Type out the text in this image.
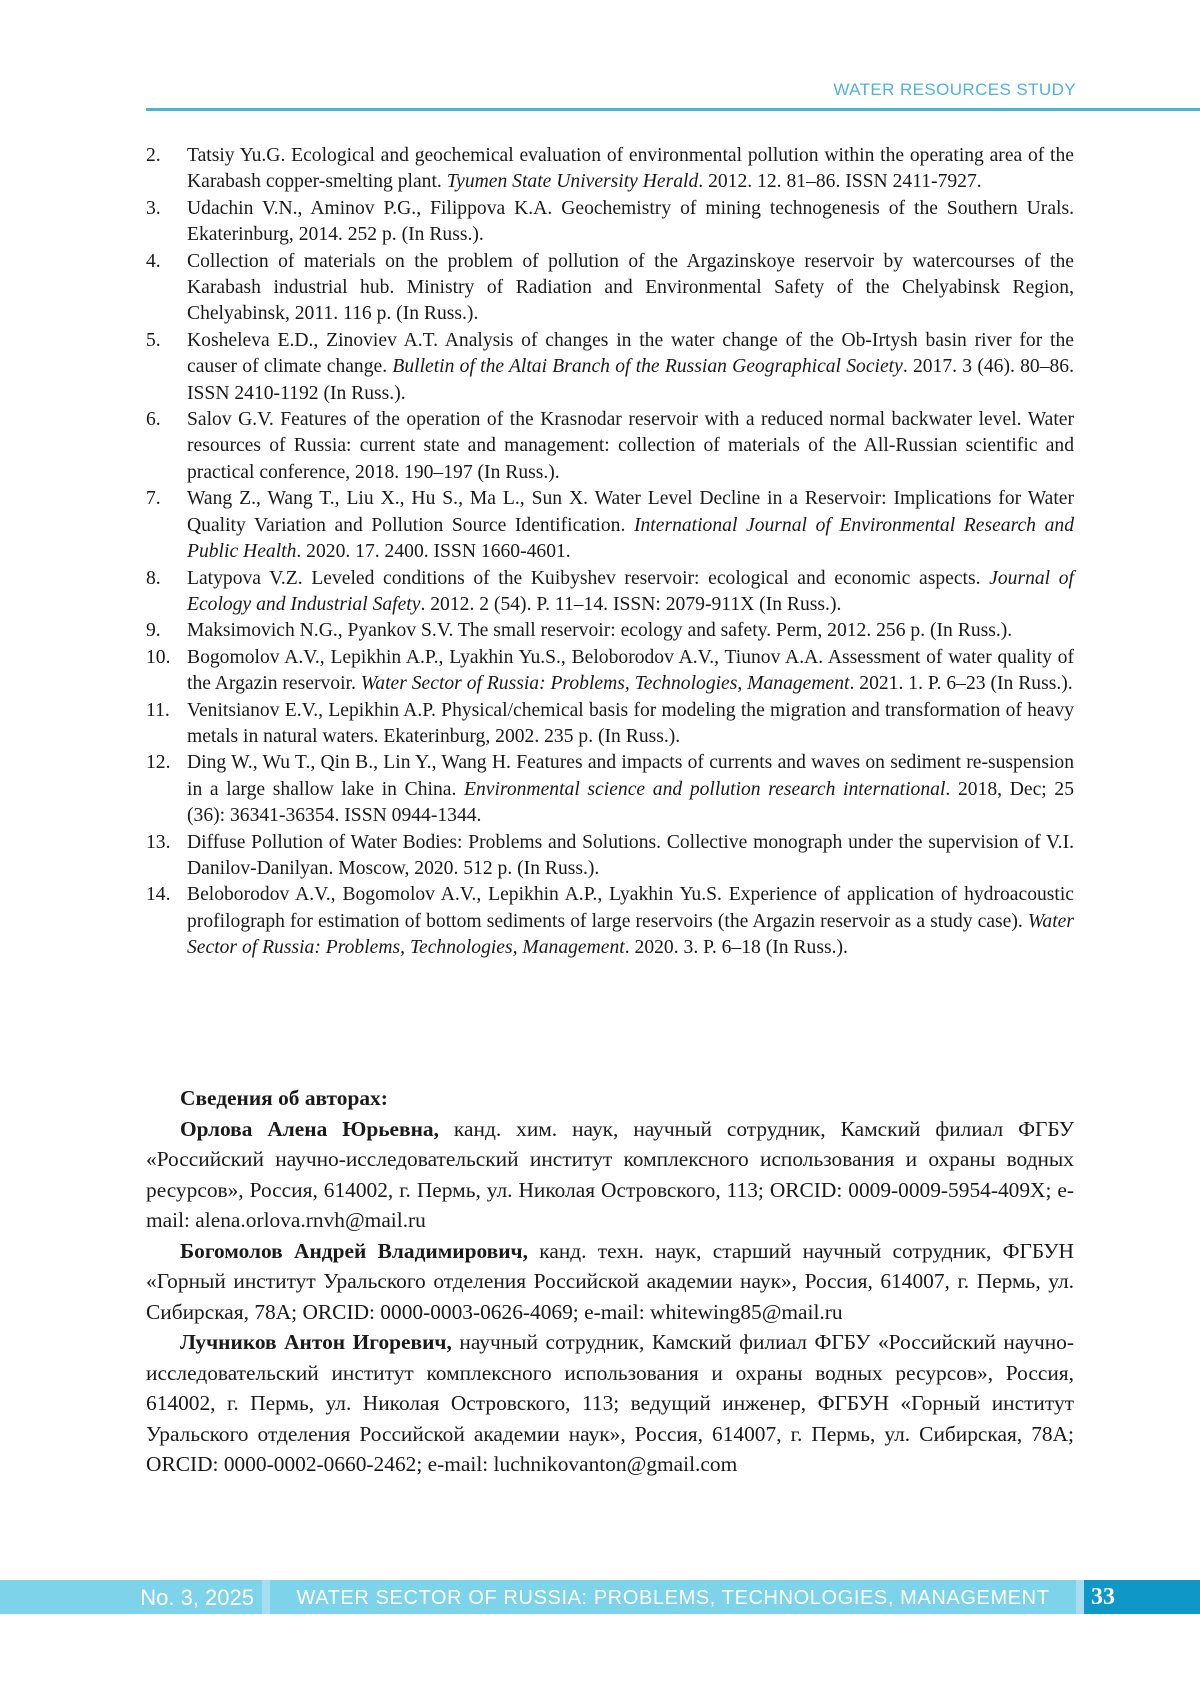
WATER RESOURCES STUDY
2. Tatsiy Yu.G. Ecological and geochemical evaluation of environmental pollution within the operating area of the Karabash copper-smelting plant. Tyumen State University Herald. 2012. 12. 81–86. ISSN 2411-7927.
3. Udachin V.N., Aminov P.G., Filippova K.A. Geochemistry of mining technogenesis of the Southern Urals. Ekaterinburg, 2014. 252 p. (In Russ.).
4. Collection of materials on the problem of pollution of the Argazinskoye reservoir by watercourses of the Karabash industrial hub. Ministry of Radiation and Environmental Safety of the Chelyabinsk Region, Chelyabinsk, 2011. 116 p. (In Russ.).
5. Kosheleva E.D., Zinoviev A.T. Analysis of changes in the water change of the Ob-Irtysh basin river for the causer of climate change. Bulletin of the Altai Branch of the Russian Geographical Society. 2017. 3 (46). 80–86. ISSN 2410-1192 (In Russ.).
6. Salov G.V. Features of the operation of the Krasnodar reservoir with a reduced normal backwater level. Water resources of Russia: current state and management: collection of materials of the All-Russian scientific and practical conference, 2018. 190–197 (In Russ.).
7. Wang Z., Wang T., Liu X., Hu S., Ma L., Sun X. Water Level Decline in a Reservoir: Implications for Water Quality Variation and Pollution Source Identification. International Journal of Environmental Research and Public Health. 2020. 17. 2400. ISSN 1660-4601.
8. Latypova V.Z. Leveled conditions of the Kuibyshev reservoir: ecological and economic aspects. Journal of Ecology and Industrial Safety. 2012. 2 (54). P. 11–14. ISSN: 2079-911X (In Russ.).
9. Maksimovich N.G., Pyankov S.V. The small reservoir: ecology and safety. Perm, 2012. 256 p. (In Russ.).
10. Bogomolov A.V., Lepikhin A.P., Lyakhin Yu.S., Beloborodov A.V., Tiunov A.A. Assessment of water quality of the Argazin reservoir. Water Sector of Russia: Problems, Technologies, Management. 2021. 1. P. 6–23 (In Russ.).
11. Venitsianov E.V., Lepikhin A.P. Physical/chemical basis for modeling the migration and transformation of heavy metals in natural waters. Ekaterinburg, 2002. 235 p. (In Russ.).
12. Ding W., Wu T., Qin B., Lin Y., Wang H. Features and impacts of currents and waves on sediment re-suspension in a large shallow lake in China. Environmental science and pollution research international. 2018, Dec; 25 (36): 36341-36354. ISSN 0944-1344.
13. Diffuse Pollution of Water Bodies: Problems and Solutions. Collective monograph under the supervision of V.I. Danilov-Danilyan. Moscow, 2020. 512 p. (In Russ.).
14. Beloborodov A.V., Bogomolov A.V., Lepikhin A.P., Lyakhin Yu.S. Experience of application of hydroacoustic profilograph for estimation of bottom sediments of large reservoirs (the Argazin reservoir as a study case). Water Sector of Russia: Problems, Technologies, Management. 2020. 3. P. 6–18 (In Russ.).

Сведения об авторах:

Орлова Алена Юрьевна, канд. хим. наук, научный сотрудник, Камский филиал ФГБУ «Российский научно-исследовательский институт комплексного использования и охраны водных ресурсов», Россия, 614002, г. Пермь, ул. Николая Островского, 113; ORCID: 0009-0009-5954-409X; e-mail: alena.orlova.rnvh@mail.ru

Богомолов Андрей Владимирович, канд. техн. наук, старший научный сотрудник, ФГБУН «Горный институт Уральского отделения Российской академии наук», Россия, 614007, г. Пермь, ул. Сибирская, 78А; ORCID: 0000-0003-0626-4069; e-mail: whitewing85@mail.ru

Лучников Антон Игоревич, научный сотрудник, Камский филиал ФГБУ «Российский научно-исследовательский институт комплексного использования и охраны водных ресурсов», Россия, 614002, г. Пермь, ул. Николая Островского, 113; ведущий инженер, ФГБУН «Горный институт Уральского отделения Российской академии наук», Россия, 614007, г. Пермь, ул. Сибирская, 78А; ORCID: 0000-0002-0660-2462; e-mail: luchnikovanton@gmail.com

No. 3, 2025	WATER SECTOR OF RUSSIA: PROBLEMS, TECHNOLOGIES, MANAGEMENT	33
